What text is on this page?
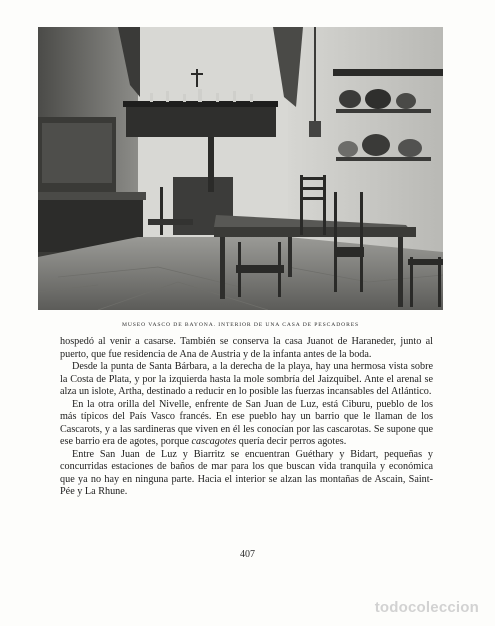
MUSEO VASCO DE BAYONA. INTERIOR DE UNA CASA DE PESCADORES

hospedó al venir a casarse. También se conserva la casa Juanot de Haraneder, junto al puerto, que fue residencia de Ana de Austria y de la infanta antes de la boda.

Desde la punta de Santa Bárbara, a la derecha de la playa, hay una hermosa vista sobre la Costa de Plata, y por la izquierda hasta la mole sombría del Jaizquibel. Ante el arenal se alza un islote, Artha, destinado a reducir en lo posible las fuerzas incansables del Atlántico.

En la otra orilla del Nivelle, enfrente de San Juan de Luz, está Ciburu, pueblo de los más típicos del País Vasco francés. En ese pueblo hay un barrio que le llaman de los Cascarots, y a las sardineras que viven en él les conocían por las cascarotas. Se supone que ese barrio era de agotes, porque cascagotes quería decir perros agotes.

Entre San Juan de Luz y Biarritz se encuentran Guéthary y Bidart, pequeñas y concurridas estaciones de baños de mar para los que buscan vida tranquila y económica que ya no hay en ninguna parte. Hacia el interior se alzan las montañas de Ascain, Saint-Pée y La Rhune.

407
todocoleccion
